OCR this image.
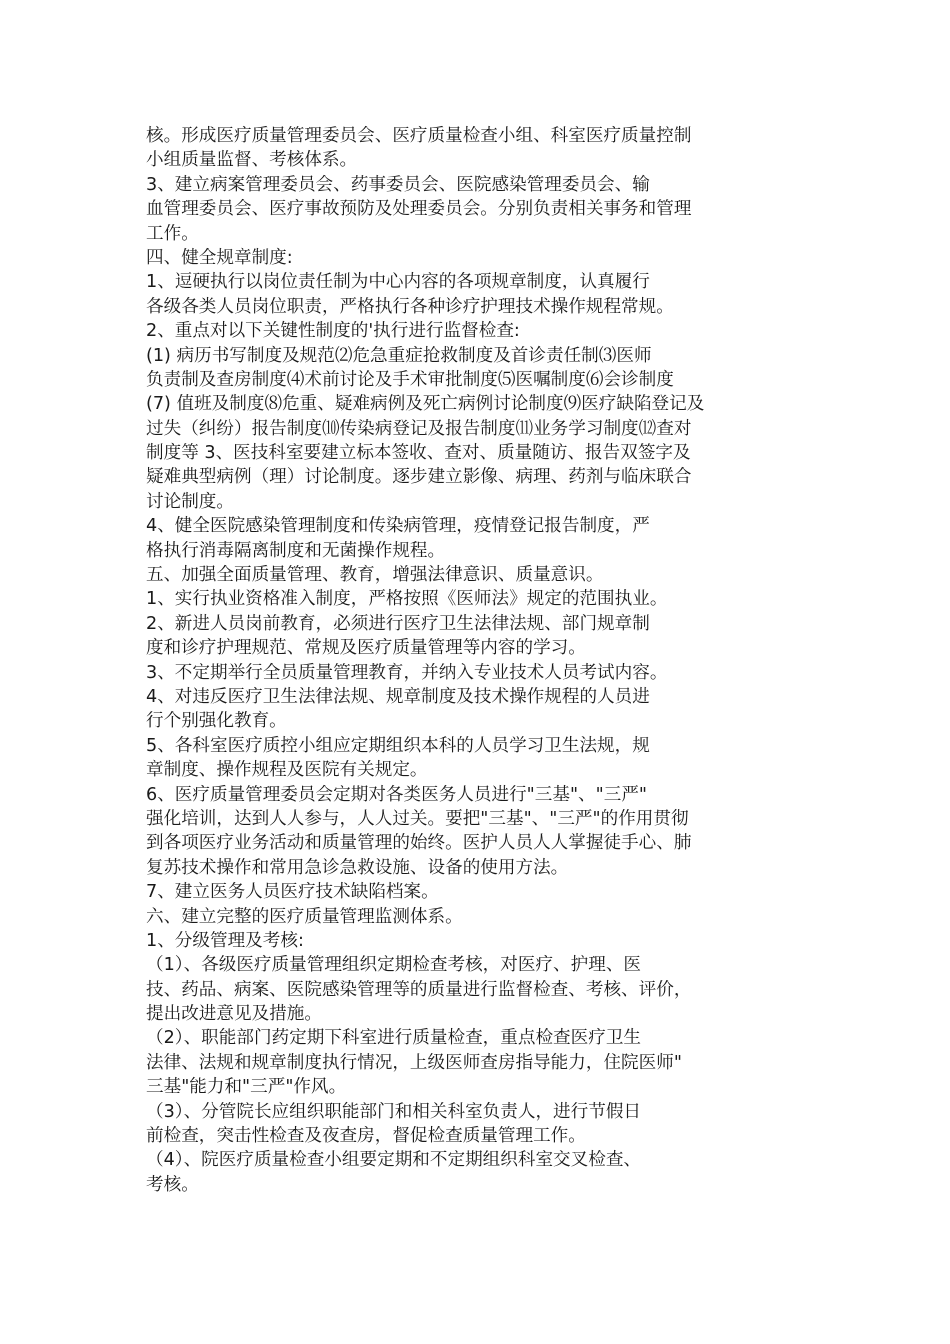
核。形成医疗质量管理委员会、医疗质量检查小组、科室医疗质量控制
小组质量监督、考核体系。
3、建立病案管理委员会、药事委员会、医院感染管理委员会、输
血管理委员会、医疗事故预防及处理委员会。分别负责相关事务和管理
工作。
四、健全规章制度:
1、逗硬执行以岗位责任制为中心内容的各项规章制度，认真履行
各级各类人员岗位职责，严格执行各种诊疗护理技术操作规程常规。
2、重点对以下关键性制度的'执行进行监督检查:
(1) 病历书写制度及规范⑵危急重症抢救制度及首诊责任制⑶医师
负责制及查房制度⑷术前讨论及手术审批制度⑸医嘱制度⑹会诊制度
(7) 值班及制度⑻危重、疑难病例及死亡病例讨论制度⑼医疗缺陷登记及
过失（纠纷）报告制度⑽传染病登记及报告制度⑾业务学习制度⑿查对
制度等 3、医技科室要建立标本签收、查对、质量随访、报告双签字及
疑难典型病例（理）讨论制度。逐步建立影像、病理、药剂与临床联合
讨论制度。
4、健全医院感染管理制度和传染病管理，疫情登记报告制度，严
格执行消毒隔离制度和无菌操作规程。
五、加强全面质量管理、教育，增强法律意识、质量意识。
1、实行执业资格准入制度，严格按照《医师法》规定的范围执业。
2、新进人员岗前教育，必须进行医疗卫生法律法规、部门规章制
度和诊疗护理规范、常规及医疗质量管理等内容的学习。
3、不定期举行全员质量管理教育，并纳入专业技术人员考试内容。
4、对违反医疗卫生法律法规、规章制度及技术操作规程的人员进
行个别强化教育。
5、各科室医疗质控小组应定期组织本科的人员学习卫生法规，规
章制度、操作规程及医院有关规定。
6、医疗质量管理委员会定期对各类医务人员进行"三基"、"三严"
强化培训，达到人人参与，人人过关。要把"三基"、"三严"的作用贯彻
到各项医疗业务活动和质量管理的始终。医护人员人人掌握徒手心、肺
复苏技术操作和常用急诊急救设施、设备的使用方法。
7、建立医务人员医疗技术缺陷档案。
六、建立完整的医疗质量管理监测体系。
1、分级管理及考核:
（1）、各级医疗质量管理组织定期检查考核，对医疗、护理、医
技、药品、病案、医院感染管理等的质量进行监督检查、考核、评价，
提出改进意见及措施。
（2）、职能部门药定期下科室进行质量检查，重点检查医疗卫生
法律、法规和规章制度执行情况，上级医师查房指导能力，住院医师"
三基"能力和"三严"作风。
（3）、分管院长应组织职能部门和相关科室负责人，进行节假日
前检查，突击性检查及夜查房，督促检查质量管理工作。
（4）、院医疗质量检查小组要定期和不定期组织科室交叉检查、
考核。
